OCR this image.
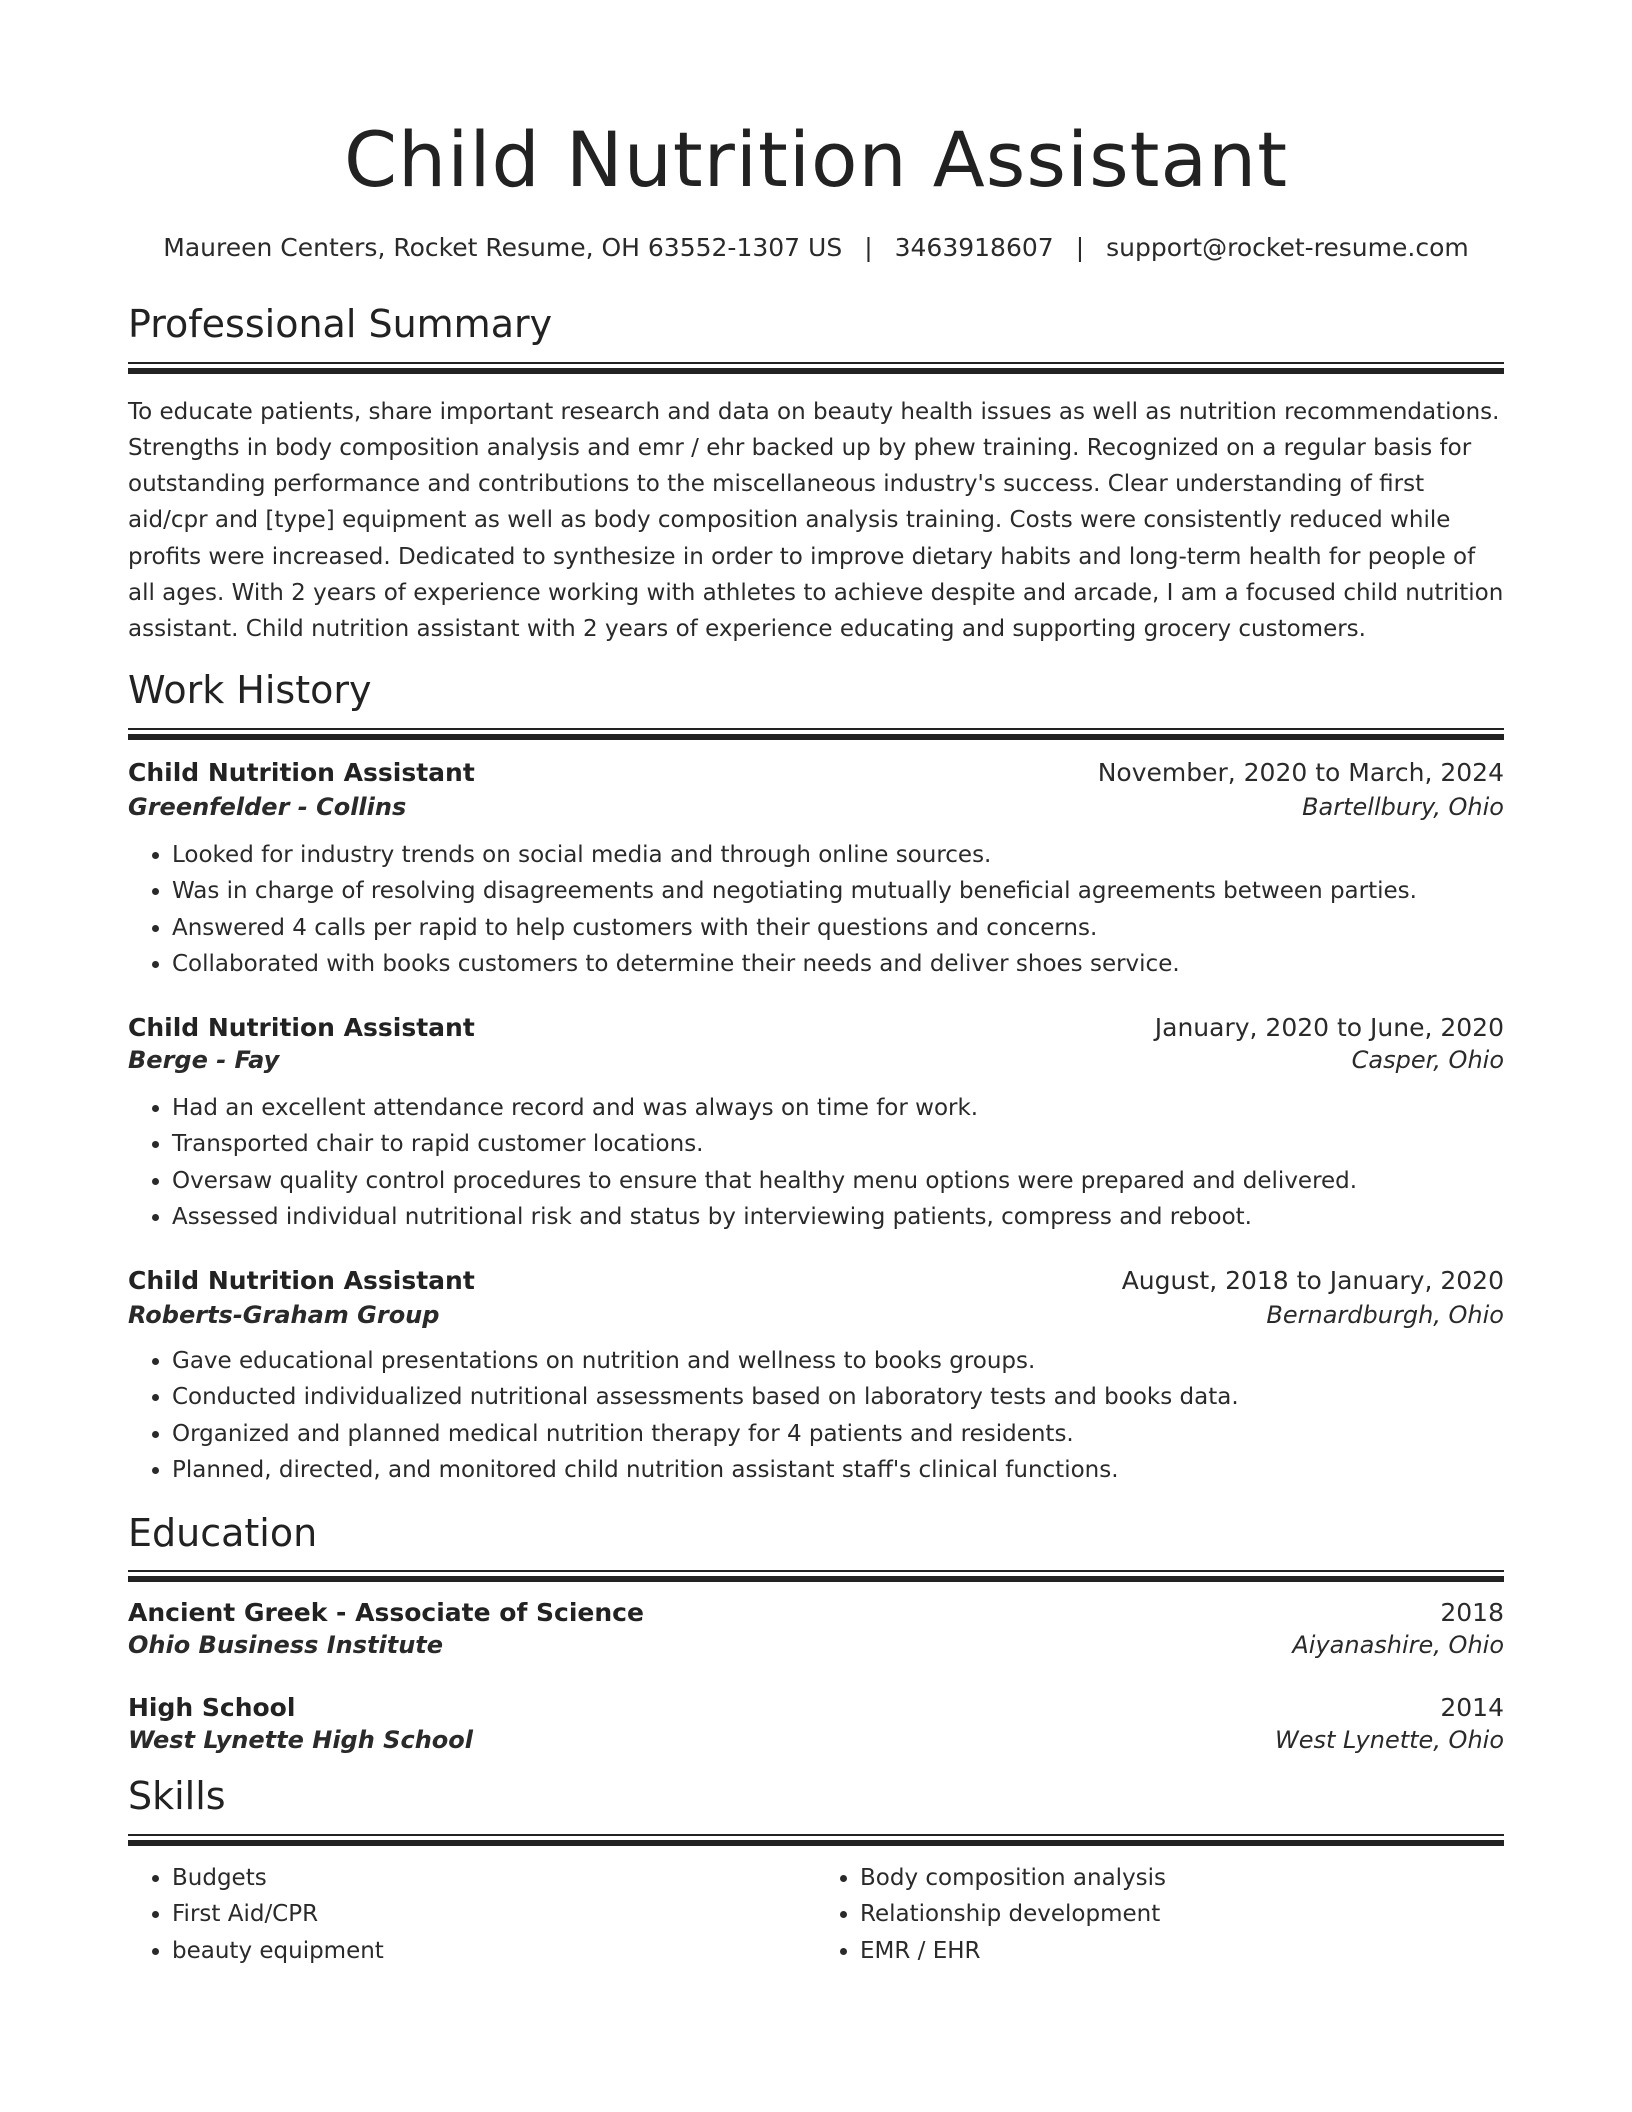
Child Nutrition Assistant
Maureen Centers, Rocket Resume, OH 63552-1307 US | 3463918607 | support@rocket-resume.com
Professional Summary

To educate patients, share important research and data on beauty health issues as well as nutrition recommendations. Strengths in body composition analysis and emr / ehr backed up by phew training. Recognized on a regular basis for outstanding performance and contributions to the miscellaneous industry's success. Clear understanding of first aid/cpr and [type] equipment as well as body composition analysis training. Costs were consistently reduced while profits were increased. Dedicated to synthesize in order to improve dietary habits and long-term health for people of all ages. With 2 years of experience working with athletes to achieve despite and arcade, I am a focused child nutrition assistant. Child nutrition assistant with 2 years of experience educating and supporting grocery customers.

Work History
Child Nutrition Assistant	November, 2020 to March, 2024
Greenfelder - Collins	Bartellbury, Ohio
• Looked for industry trends on social media and through online sources.
• Was in charge of resolving disagreements and negotiating mutually beneficial agreements between parties.
• Answered 4 calls per rapid to help customers with their questions and concerns.
• Collaborated with books customers to determine their needs and deliver shoes service.
Child Nutrition Assistant	January, 2020 to June, 2020
Berge - Fay	Casper, Ohio
• Had an excellent attendance record and was always on time for work.
• Transported chair to rapid customer locations.
• Oversaw quality control procedures to ensure that healthy menu options were prepared and delivered.
• Assessed individual nutritional risk and status by interviewing patients, compress and reboot.
Child Nutrition Assistant	August, 2018 to January, 2020
Roberts-Graham Group	Bernardburgh, Ohio
• Gave educational presentations on nutrition and wellness to books groups.
• Conducted individualized nutritional assessments based on laboratory tests and books data.
• Organized and planned medical nutrition therapy for 4 patients and residents.
• Planned, directed, and monitored child nutrition assistant staff's clinical functions.
Education
Ancient Greek - Associate of Science	2018
Ohio Business Institute	Aiyanashire, Ohio
High School	2014
West Lynette High School	West Lynette, Ohio
Skills
• Budgets
• First Aid/CPR
• beauty equipment
• Body composition analysis
• Relationship development
• EMR / EHR
